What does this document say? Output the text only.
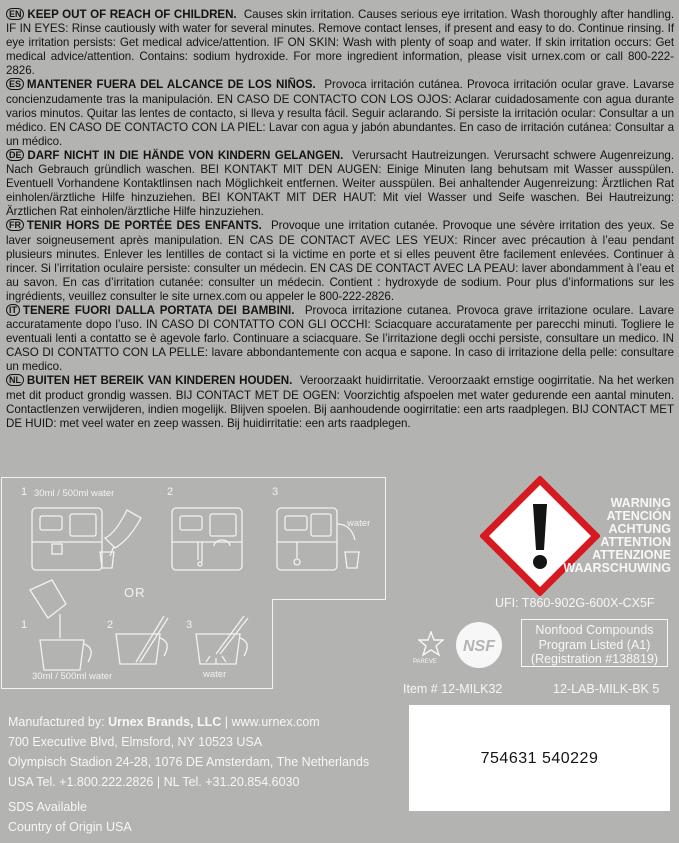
EN KEEP OUT OF REACH OF CHILDREN. Causes skin irritation. Causes serious eye irritation. Wash thoroughly after handling. IF IN EYES: Rinse cautiously with water for several minutes. Remove contact lenses, if present and easy to do. Continue rinsing. If eye irritation persists: Get medical advice/attention. IF ON SKIN: Wash with plenty of soap and water. If skin irritation occurs: Get medical advice/attention. Contains: sodium hydroxide. For more ingredient information, please visit urnex.com or call 800-222-2826.
ES MANTENER FUERA DEL ALCANCE DE LOS NIÑOS. Provoca irritación cutánea. Provoca irritación ocular grave. Lavarse concienzudamente tras la manipulación. EN CASO DE CONTACTO CON LOS OJOS: Aclarar cuidadosamente con agua durante varios minutos. Quitar las lentes de contacto, si lleva y resulta fácil. Seguir aclarando. Si persiste la irritación ocular: Consultar a un médico. EN CASO DE CONTACTO CON LA PIEL: Lavar con agua y jabón abundantes. En caso de irritación cutánea: Consultar a un médico.
DE DARF NICHT IN DIE HÄNDE VON KINDERN GELANGEN. Verursacht Hautreizungen. Verursacht schwere Augenreizung. Nach Gebrauch gründlich waschen. BEI KONTAKT MIT DEN AUGEN: Einige Minuten lang behutsam mit Wasser ausspülen. Eventuell Vorhandene Kontaktlinsen nach Möglichkeit entfernen. Weiter ausspülen. Bei anhaltender Augenreizung: Ärztlichen Rat einholen/ärztliche Hilfe hinzuziehen. BEI KONTAKT MIT DER HAUT: Mit viel Wasser und Seife waschen. Bei Hautreizung: Ärztlichen Rat einholen/ärztliche Hilfe hinzuziehen.
FR TENIR HORS DE PORTÉE DES ENFANTS. Provoque une irritation cutanée. Provoque une sévère irritation des yeux. Se laver soigneusement après manipulation. EN CAS DE CONTACT AVEC LES YEUX: Rincer avec précaution à l’eau pendant plusieurs minutes. Enlever les lentilles de contact si la victime en porte et si elles peuvent être facilement enlevées. Continuer à rincer. Si l’irritation oculaire persiste: consulter un médecin. EN CAS DE CONTACT AVEC LA PEAU: laver abondamment à l’eau et au savon. En cas d’irritation cutanée: consulter un médecin. Contient : hydroxyde de sodium. Pour plus d’informations sur les ingrédients, veuillez consulter le site urnex.com ou appeler le 800-222-2826.
IT TENERE FUORI DALLA PORTATA DEI BAMBINI. Provoca irritazione cutanea. Provoca grave irritazione oculare. Lavare accuratamente dopo l’uso. IN CASO DI CONTATTO CON GLI OCCHI: Sciacquare accuratamente per parecchi minuti. Togliere le eventuali lenti a contatto se è agevole farlo. Continuare a sciacquare. Se l’irritazione degli occhi persiste, consultare un medico. IN CASO DI CONTATTO CON LA PELLE: lavare abbondantemente con acqua e sapone. In caso di irritazione della pelle: consultare un medico.
NL BUITEN HET BEREIK VAN KINDEREN HOUDEN. Veroorzaakt huidirritatie. Veroorzaakt ernstige oogirritatie. Na het werken met dit product grondig wassen. BIJ CONTACT MET DE OGEN: Voorzichtig afspoelen met water gedurende een aantal minuten. Contactlenzen verwijderen, indien mogelijk. Blijven spoelen. Bij aanhoudende oogirritatie: een arts raadplegen. BIJ CONTACT MET DE HUID: met veel water en zeep wassen. Bij huidirritatie: een arts raadplegen.
1 30ml / 500ml water	2	3
water
OR
1	2	3
30ml / 500ml water	water
WARNING
ATENCIÓN
ACHTUNG
ATTENTION
ATTENZIONE
WAARSCHUWING
UFI: T860-902G-600X-CX5F
PAREVE
NSF
Nonfood Compounds
Program Listed (A1)
(Registration #138819)
Item # 12-MILK32	12-LAB-MILK-BK 5
Manufactured by: Urnex Brands, LLC | www.urnex.com
700 Executive Blvd, Elmsford, NY 10523 USA
Olympisch Stadion 24-28, 1076 DE Amsterdam, The Netherlands
USA Tel. +1.800.222.2826 | NL Tel. +31.20.854.6030
SDS Available
Country of Origin USA
754631 540229
